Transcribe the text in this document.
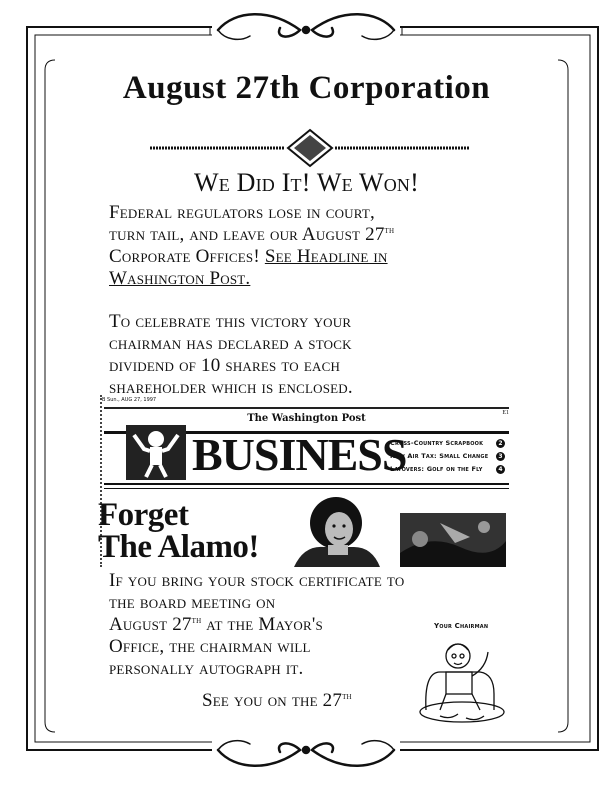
August 27th Corporation
We Did It! We Won!
Federal regulators lose in court,
turn tail, and leave our August 27th
Corporate Offices! See Headline in
Washington Post.
To celebrate this victory your
chairman has declared a stock
dividend of 10 shares to each
shareholder which is enclosed.
B Sun., AUG 27, 1997
The Washington Post	E1
BUSINESS
Cross-Country Scrapbook	2
New Air Tax: Small Change	3
Layovers: Golf on the Fly	4
Forget
The Alamo!
If you bring your stock certificate to
the board meeting on
August 27th at the Mayor's
Office, the chairman will
personally autograph it.
Your Chairman
See you on the 27th
